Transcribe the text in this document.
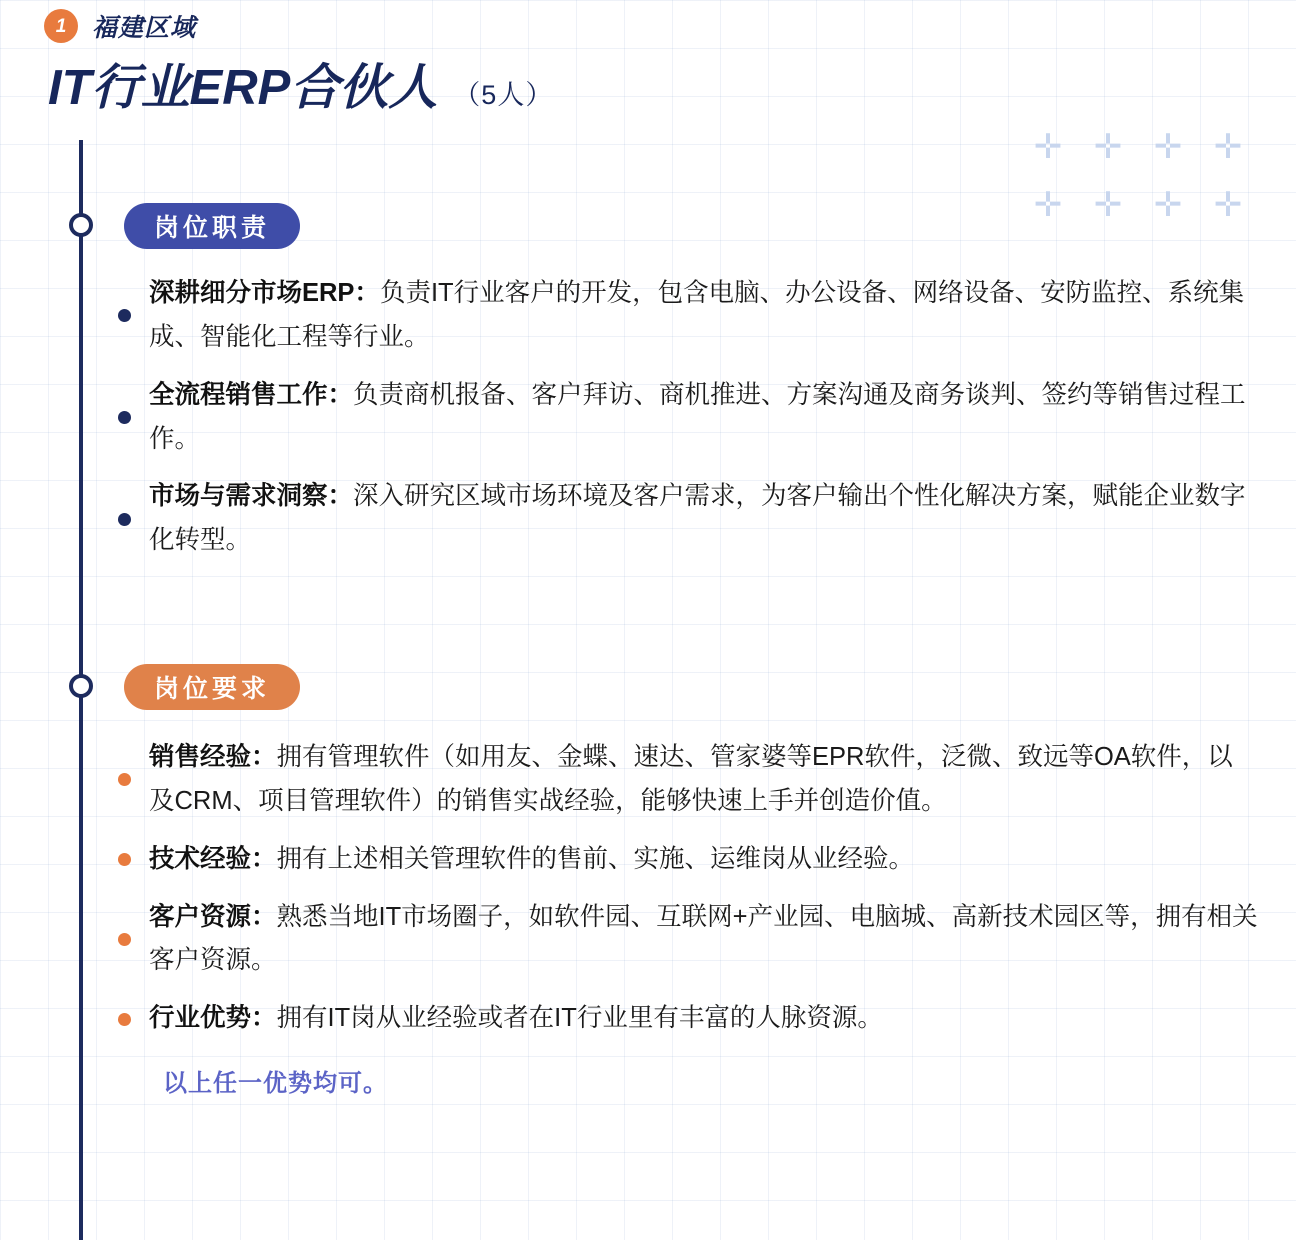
1	福建区域
IT行业ERP合伙人 （5人）
✛ ✛ ✛ ✛
✛ ✛ ✛ ✛
岗位职责
岗位要求
深耕细分市场ERP：负责IT行业客户的开发，包含电脑、办公设备、网络设备、安防监控、系统集成、智能化工程等行业。
全流程销售工作：负责商机报备、客户拜访、商机推进、方案沟通及商务谈判、签约等销售过程工作。
市场与需求洞察：深入研究区域市场环境及客户需求，为客户输出个性化解决方案，赋能企业数字化转型。
销售经验：拥有管理软件（如用友、金蝶、速达、管家婆等EPR软件，泛微、致远等OA软件，以及CRM、项目管理软件）的销售实战经验，能够快速上手并创造价值。
技术经验：拥有上述相关管理软件的售前、实施、运维岗从业经验。
客户资源：熟悉当地IT市场圈子，如软件园、互联网+产业园、电脑城、高新技术园区等，拥有相关客户资源。
行业优势：拥有IT岗从业经验或者在IT行业里有丰富的人脉资源。
以上任一优势均可。
